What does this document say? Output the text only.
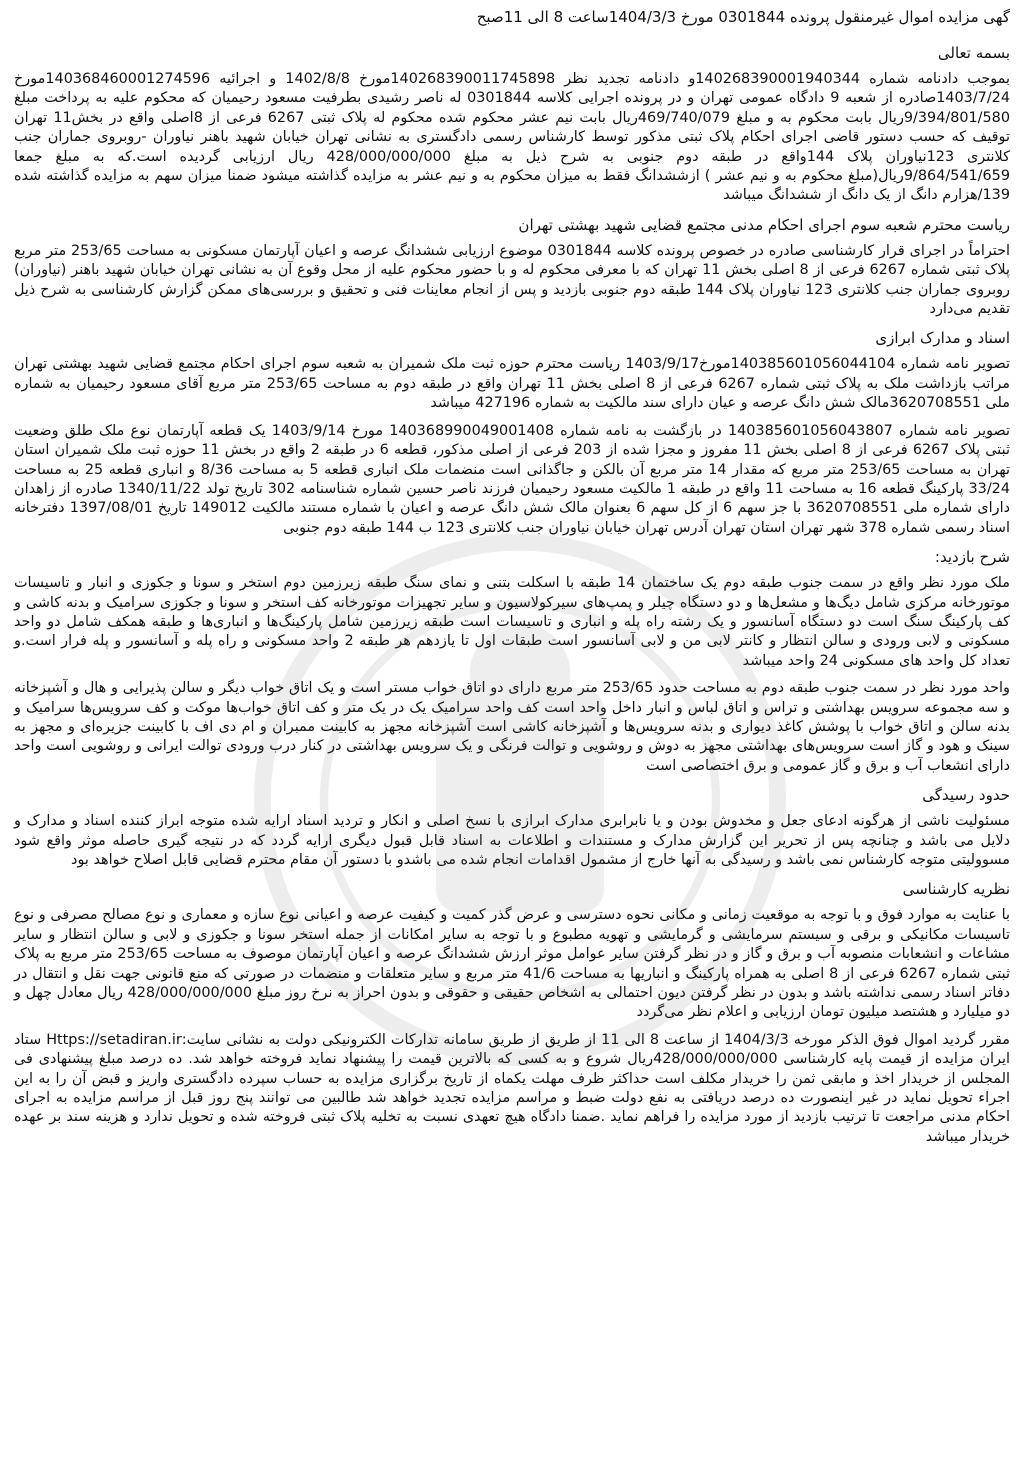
گهی مزایده اموال غیرمنقول پرونده 0301844 مورخ 1404/3/3ساعت 8 الی 11صبح
بسمه تعالی

بموجب دادنامه شماره 140268390001940344و دادنامه تجدید نظر 140268390011745898مورخ 1402/8/8 و اجرائیه 140368460001274596مورخ 1403/7/24صادره از شعبه 9 دادگاه عمومی تهران و در پرونده اجرایی کلاسه 0301844 له ناصر رشیدی بطرفیت مسعود رحیمیان که محکوم علیه به پرداخت مبلغ 9/394/801/580ریال بابت محکوم به و مبلغ 469/740/079ریال بابت نیم عشر محکوم شده محکوم له پلاک ثبتی 6267 فرعی از 8اصلی واقع در بخش11 تهران توقیف که حسب دستور قاضی اجرای احکام پلاک ثبتی مذکور توسط کارشناس رسمی دادگستری به نشانی تهران خیابان شهید باهنر نیاوران -روبروی جماران جنب کلانتری 123نیاوران پلاک 144واقع در طبقه دوم جنوبی به شرح ذیل به مبلغ 428/000/000/000 ریال ارزیابی گردیده است.که به مبلغ جمعا 9/864/541/659ریال(مبلغ محکوم به و نیم عشر ) ازششدانگ فقط به میزان محکوم به و نیم عشر به مزایده گذاشته میشود ضمنا میزان سهم به مزایده گذاشته شده 139/هزارم دانگ از یک دانگ از ششدانگ میباشد

ریاست محترم شعبه سوم اجرای احکام مدنی مجتمع قضایی شهید بهشتی تهران

احتراماً در اجرای قرار کارشناسی صادره در خصوص پرونده کلاسه 0301844 موضوع ارزیابی ششدانگ عرصه و اعیان آپارتمان مسکونی به مساحت 253/65 متر مربع پلاک ثبتی شماره 6267 فرعی از 8 اصلی بخش 11 تهران که با معرفی محکوم له و با حضور محکوم علیه از محل وقوع آن به نشانی تهران خیابان شهید باهنر (نیاوران) روبروی جماران جنب کلانتری 123 نیاوران پلاک 144 طبقه دوم جنوبی بازدید و پس از انجام معاینات فنی و تحقیق و بررسی‌های ممکن گزارش کارشناسی به شرح ذیل تقدیم می‌دارد

اسناد و مدارک ابرازی

تصویر نامه شماره 140385601056044104مورخ1403/9/17 ریاست محترم حوزه ثبت ملک شمیران به شعبه سوم اجرای احکام مجتمع قضایی شهید بهشتی تهران مراتب بازداشت ملک به پلاک ثبتی شماره 6267 فرعی از 8 اصلی بخش 11 تهران واقع در طبقه دوم به مساحت 253/65 متر مربع آقای مسعود رحیمیان به شماره ملی 3620708551مالک شش دانگ عرصه و عیان دارای سند مالکیت به شماره 427196 میباشد

تصویر نامه شماره 140385601056043807 در بازگشت به نامه شماره 140368990049001408 مورخ 1403/9/14 یک قطعه آپارتمان نوع ملک طلق وضعیت ثبتی پلاک 6267 فرعی از 8 اصلی بخش 11 مفروز و مجزا شده از 203 فرعی از اصلی مذکور، قطعه 6 در طبقه 2 واقع در بخش 11 حوزه ثبت ملک شمیران استان تهران به مساحت 253/65 متر مربع که مقدار 14 متر مربع آن بالکن و جاگذانی است منضمات ملک انباری قطعه 5 به مساحت 8/36 و انباری قطعه 25 به مساحت 33/24 پارکینگ قطعه 16 به مساحت 11 واقع در طبقه 1 مالکیت مسعود رحیمیان فرزند ناصر حسین شماره شناسنامه 302 تاریخ تولد 1340/11/22 صادره از زاهدان دارای شماره ملی 3620708551 با جز سهم 6 از کل سهم 6 بعنوان مالک شش دانگ عرصه و اعیان با شماره مستند مالکیت 149012 تاریخ 1397/08/01 دفترخانه اسناد رسمی شماره 378 شهر تهران استان تهران آدرس تهران خیابان نیاوران جنب کلانتری 123 ب 144 طبقه دوم جنوبی

شرح بازدید:

ملک مورد نظر واقع در سمت جنوب طبقه دوم یک ساختمان 14 طبقه با اسکلت بتنی و نمای سنگ طبقه زیرزمین دوم استخر و سونا و جکوزی و انبار و تاسیسات موتورخانه مرکزی شامل دیگ‌ها و مشعل‌ها و دو دستگاه چیلر و پمپ‌های سیرکولاسیون و سایر تجهیزات موتورخانه کف استخر و سونا و جکوزی سرامیک و بدنه کاشی و کف پارکینگ سنگ است دو دستگاه آسانسور و یک رشته راه پله و انباری و تاسیسات است طبقه زیرزمین شامل پارکینگ‌ها و انباری‌ها و طبقه همکف شامل دو واحد مسکونی و لابی ورودی و سالن انتظار و کانتر لابی من و لابی آسانسور است طبقات اول تا یازدهم هر طبقه 2 واحد مسکونی و راه پله و آسانسور و پله فرار است.و تعداد کل واحد های مسکونی 24 واحد میباشد

واحد مورد نظر در سمت جنوب طبقه دوم به مساحت حدود 253/65 متر مربع دارای دو اتاق خواب مستر است و یک اتاق خواب دیگر و سالن پذیرایی و هال و آشپزخانه و سه مجموعه سرویس بهداشتی و تراس و اتاق لباس و انبار داخل واحد است کف واحد سرامیک یک در یک متر و کف اتاق خواب‌ها موکت و کف سرویس‌ها سرامیک و بدنه سالن و اتاق خواب با پوشش کاغذ دیواری و بدنه سرویس‌ها و آشپزخانه کاشی است آشپزخانه مجهز به کابینت ممبران و ام دی اف با کابینت جزیره‌ای و مجهز به سینک و هود و گاز است سرویس‌های بهداشتی مجهز به دوش و روشویی و توالت فرنگی و یک سرویس بهداشتی در کنار درب ورودی توالت ایرانی و روشویی است واحد دارای انشعاب آب و برق و گاز عمومی و برق اختصاصی است

حدود رسیدگی

مسئولیت ناشی از هرگونه ادعای جعل و مخدوش بودن و یا نابرابری مدارک ابرازی با نسخ اصلی و انکار و تردید اسناد ارایه شده متوجه ابراز کننده اسناد و مدارک و دلایل می باشد و چنانچه پس از تحریر این گزارش مدارک و مستندات و اطلاعات به اسناد قابل قبول دیگری ارایه گردد که در نتیجه گیری حاصله موثر واقع شود مسوولیتی متوجه کارشناس نمی باشد و رسیدگی به آنها خارج از مشمول اقدامات انجام شده می باشدو با دستور آن مقام محترم قضایی قابل اصلاح خواهد بود

نظریه کارشناسی

با عنایت به موارد فوق و با توجه به موقعیت زمانی و مکانی نحوه دسترسی و عرض گذر کمیت و کیفیت عرصه و اعیانی نوع سازه و معماری و نوع مصالح مصرفی و نوع تاسیسات مکانیکی و برقی و سیستم سرمایشی و گرمایشی و تهویه مطبوع و با توجه به سایر امکانات از جمله استخر سونا و جکوزی و لابی و سالن انتظار و سایر مشاعات و انشعابات منصوبه آب و برق و گاز و در نظر گرفتن سایر عوامل موثر ارزش ششدانگ عرصه و اعیان آپارتمان موصوف به مساحت 253/65 متر مربع به پلاک ثبتی شماره 6267 فرعی از 8 اصلی به همراه پارکینگ و انباریها به مساحت 41/6 متر مربع و سایر متعلقات و منضمات در صورتی که منع قانونی جهت نقل و انتقال در دفاتر اسناد رسمی نداشته باشد و بدون در نظر گرفتن دیون احتمالی به اشخاص حقیقی و حقوقی و بدون احراز به نرخ روز مبلغ 428/000/000/000 ریال معادل چهل و دو میلیارد و هشتصد میلیون تومان ارزیابی و اعلام نظر می‌گردد

مقرر گردید اموال فوق الذکر مورخه 1404/3/3 از ساعت 8 الی 11 از طریق از طریق سامانه تدارکات الکترونیکی دولت به نشانی سایت:Https://setadiran.ir ستاد ایران مزایده از قیمت پایه کارشناسی 428/000/000/000ریال شروع و به کسی که بالاترین قیمت را پیشنهاد نماید فروخته خواهد شد. ده درصد مبلغ پیشنهادی فی المجلس از خریدار اخذ و مابقی ثمن را خریدار مکلف است حداکثر ظرف مهلت یکماه از تاریخ برگزاری مزایده به حساب سپرده دادگستری واریز و قبض آن را به این اجراء تحویل نماید در غیر اینصورت ده درصد دریافتی به نفع دولت ضبط و مراسم مزایده تجدید خواهد شد طالبین می توانند پنج روز قبل از مراسم مزایده به اجرای احکام مدنی مراجعت تا ترتیب بازدید از مورد مزایده را فراهم نماید .ضمنا دادگاه هیچ تعهدی نسبت به تخلیه پلاک ثبتی فروخته شده و تحویل ندارد و هزینه سند بر عهده خریدار میباشد
